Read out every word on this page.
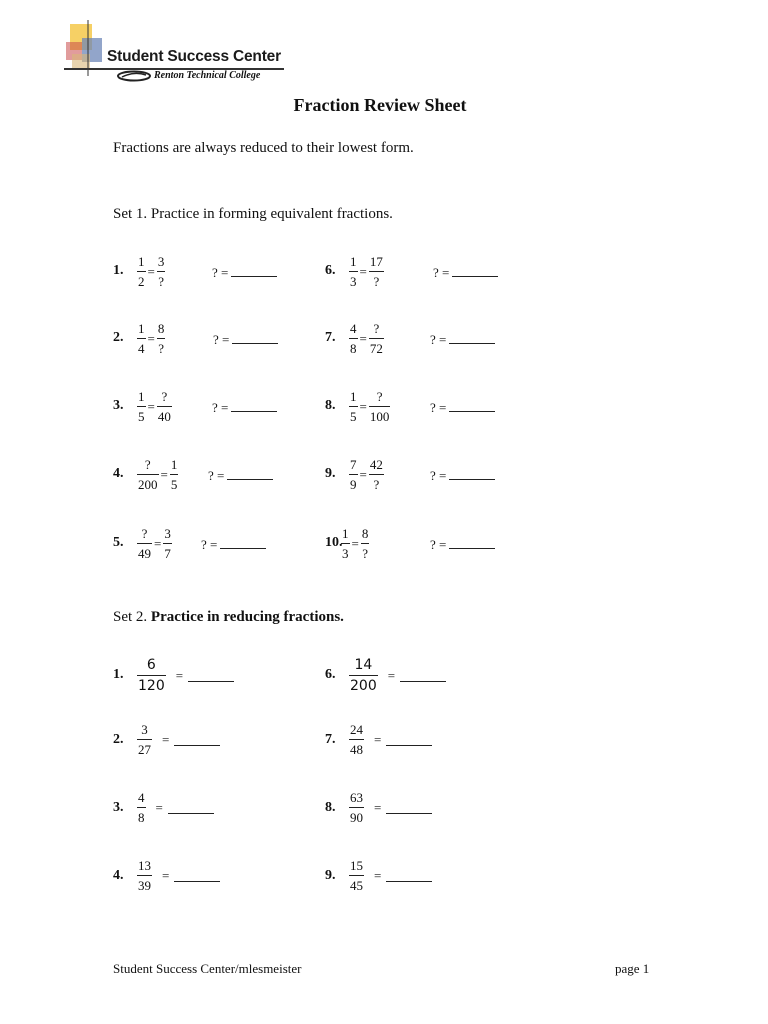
Student Success Center
Renton Technical College
Fraction Review Sheet
Fractions are always reduced to their lowest form.
Set 1. Practice in forming equivalent fractions.
1. $\frac{1}{2} = \frac{3}{?}$	? =
2. $\frac{1}{4} = \frac{8}{?}$	? =
3. $\frac{1}{5} = \frac{?}{40}$	? =
4. $\frac{?}{200} = \frac{1}{5}$ ? =
5. $\frac{?}{49} = \frac{3}{7}$ ? =
6. $\frac{1}{3} = \frac{17}{?}$	? =
7. $\frac{4}{8} = \frac{?}{72}$	? =
8. $\frac{1}{5} = \frac{?}{100}$	? =
9. $\frac{7}{9} = \frac{42}{?}$	? =
10.
$\frac{1}{3} = \frac{8}{?}$	? =
Set 2. Practice in reducing fractions.
1. $\frac{6}{120}$ =
2. $\frac{3}{27}$ =
3. $\frac{4}{8}$ =
4. $\frac{13}{39}$ =
6. $\frac{14}{200}$ =
7. $\frac{24}{48}$ =
8. $\frac{63}{90}$ =
9. $\frac{15}{45}$ =
Student Success Center/mlesmeister	page 1
